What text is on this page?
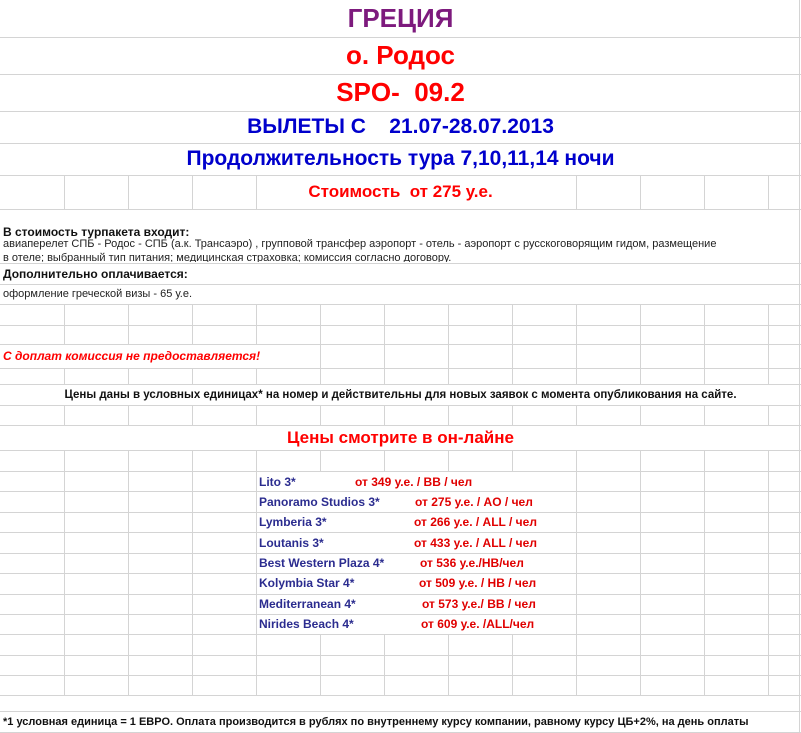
ГРЕЦИЯ
о. Родос
SPO-  09.2
ВЫЛЕТЫ С    21.07-28.07.2013
Продолжительность тура 7,10,11,14 ночи
Стоимость  от 275 у.е.
В стоимость турпакета входит:
авиаперелет СПБ - Родос - СПБ (а.к. Трансаэро) , групповой трансфер аэропорт - отель - аэропорт с русскоговорящим гидом, размещение
в отеле; выбранный тип питания; медицинская страховка; комиссия согласно договору.
Дополнительно оплачивается:
оформление греческой визы - 65 у.е.
С доплат комиссия не предоставляется!
Цены даны в условных единицах* на номер и действительны для новых заявок с момента опубликования на сайте.
Цены смотрите в он-лайне
Lito 3*	от 349 у.е. / BB / чел
Panoramo Studios 3*	от 275 у.е. / AO / чел
Lymberia 3*	от 266 у.е. / ALL / чел
Loutanis 3*	от 433 у.е. / ALL / чел
Best Western Plaza 4*	от 536 у.е./HB/чел
Kolymbia Star 4*	от 509 у.е. / HB / чел
Mediterranean 4*	от 573 у.е./ BB / чел
Nirides Beach 4*	от 609 у.е. /ALL/чел
*1 условная единица = 1 ЕВРО. Оплата производится в рублях по внутреннему курсу компании, равному курсу ЦБ+2%, на день оплаты
